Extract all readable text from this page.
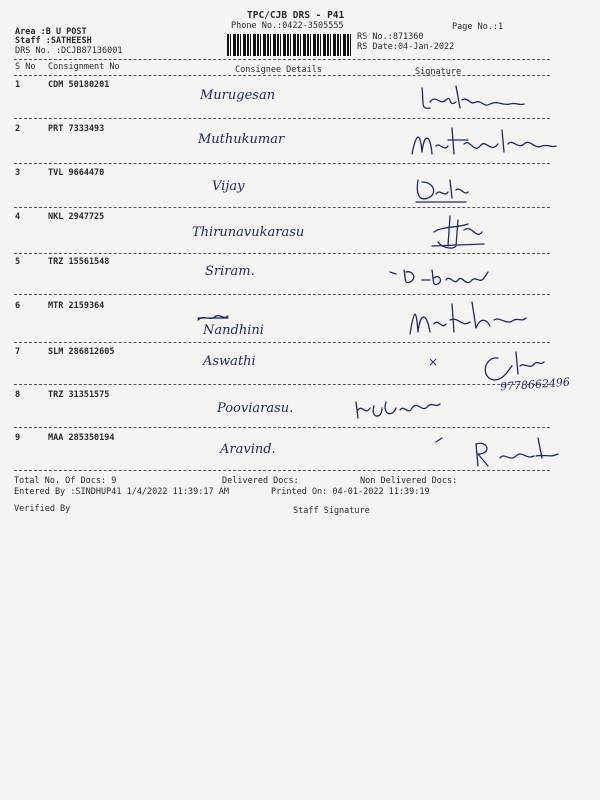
TPC/CJB DRS - P41
Phone No.:0422-3505555	Page No.:1
Area :B U POST
Staff :SATHEESH
DRS No. :DCJB87136001
RS No.:871360
RS Date:04-Jan-2022
S No Consignment No	Consignee Details	Signature
1	CDM 50180201
Murugesan
2	PRT 7333493
Muthukumar
3	TVL 9664470
Vijay
4	NKL 2947725
Thirunavukarasu
5	TRZ 15561548
Sriram.
6	MTR 2159364
Nandhini
7	SLM 286812605
Aswathi	×
9778662496
8	TRZ 31351575
Pooviarasu.
9	MAA 285350194
Aravind.
Total No. Of Docs: 9	Delivered Docs:	Non Delivered Docs:
Entered By :SINDHUP41 1/4/2022 11:39:17 AM	Printed On: 04-01-2022 11:39:19
Verified By	Staff Signature
